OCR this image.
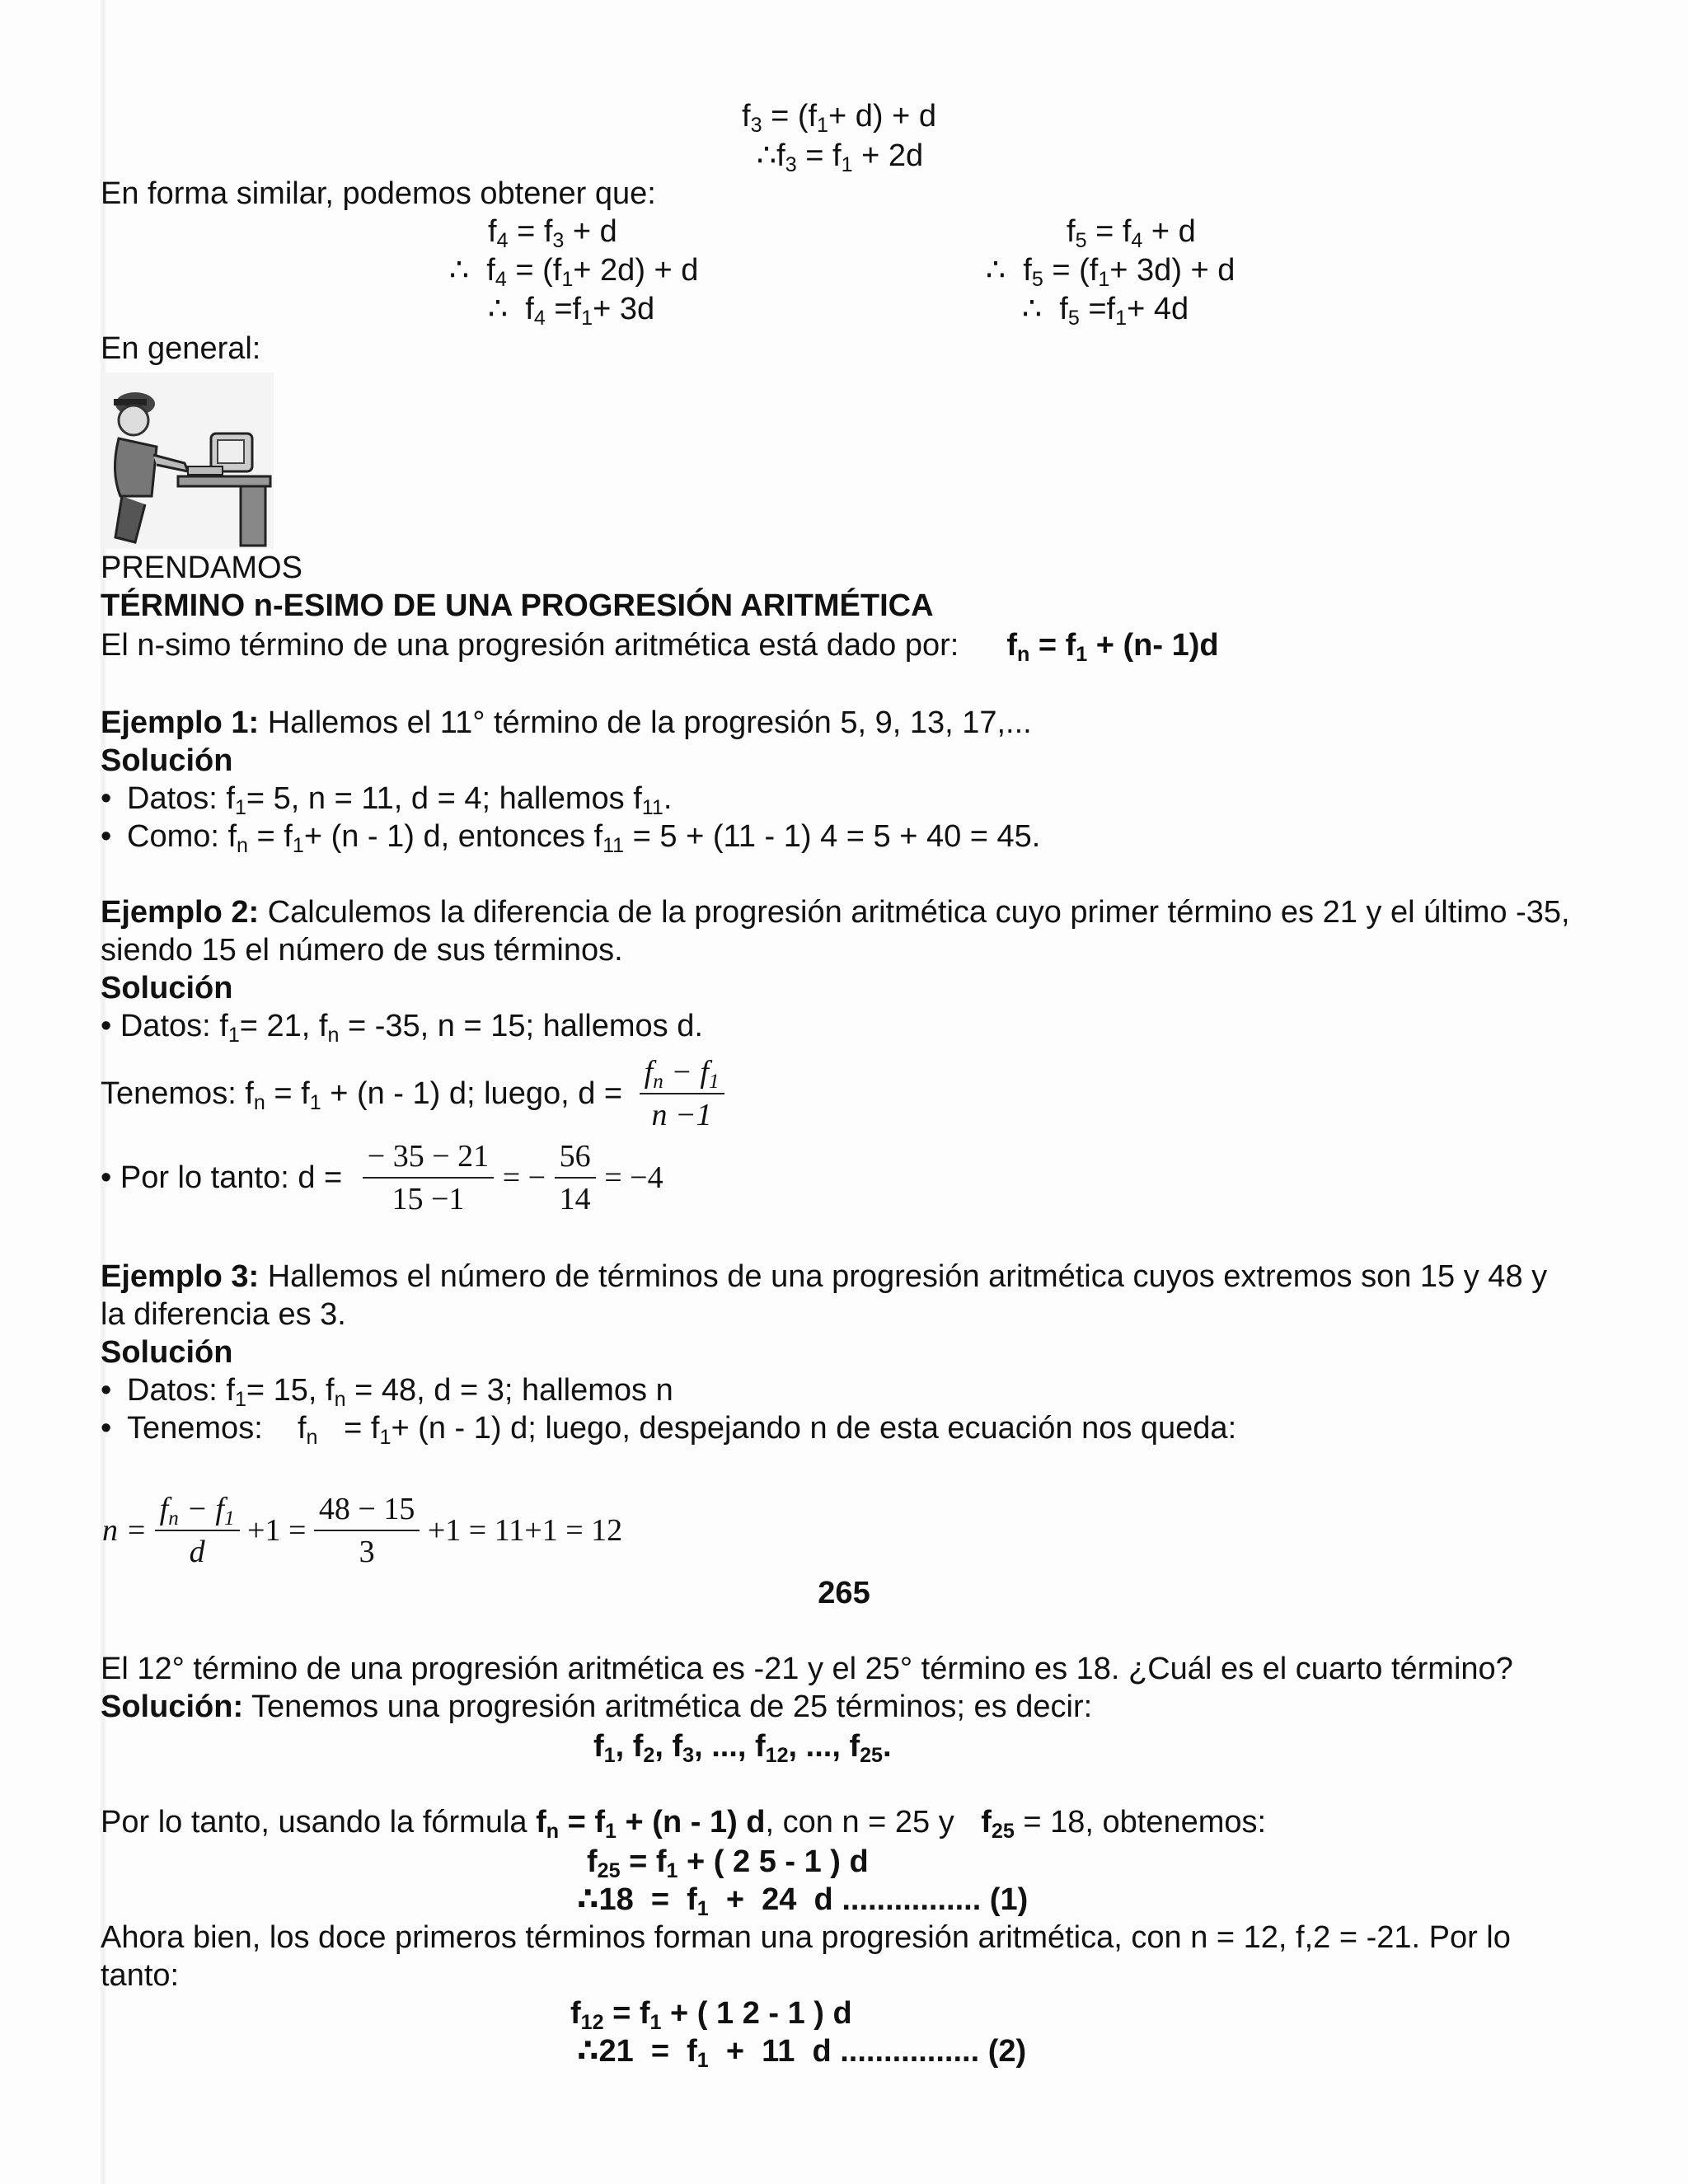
$f_3 = (f_1+ d) + d$
$\therefore f_3 = f_1 + 2d$
En forma similar, podemos obtener que:
$f_4 = f_3 + d$
∴  $f_4 = (f_1+ 2d) + d$
∴  $f_4 =f_1+ 3d$
$f_5 = f_4 + d$
∴  $f_5 = (f_1+ 3d) + d$
∴  $f_5 =f_1+ 4d$
En general:
PRENDAMOS
TÉRMINO n-ESIMO DE UNA PROGRESIÓN ARITMÉTICA
El n-simo término de una progresión aritmética está dado por: $f_n = f_1 + (n-$ 1)d
Ejemplo 1: Hallemos el 11° término de la progresión 5, 9, 13, 17,...
Solución
• Datos: $f_1= 5$, n = 11, d = 4; hallemos $f_{11}$.
• Como: $f_n = f_1+ (n - 1)$ d, entonces $f_{11} = 5 + (11 - 1) 4 = 5 + 40 = 45$.
Ejemplo 2: Calculemos la diferencia de la progresión aritmética cuyo primer término es 21 y el último -35,
siendo 15 el número de sus términos.
Solución
• Datos: $f_1= 21$, $f_n = -35$, n = 15; hallemos d.
Tenemos: $f_n = f_1 + (n - 1)$ d; luego, $d = \frac{f_n - f_1}{n -1}$
• Por lo tanto: $d = \frac{- 35 - 21}{15 -1}$ = − $\frac{56}{14} = -4$
Ejemplo 3: Hallemos el número de términos de una progresión aritmética cuyos extremos son 15 y 48 y
la diferencia es 3.
Solución
• Datos: $f_1= 15$, $f_n = 48$, d = 3; hallemos n
• Tenemos:    $f_n = f_1+ (n - 1)$ d; luego, despejando n de esta ecuación nos queda:
$n = \frac{f_n - f_1}{d} +1 = \frac{48 - 15}{3} +1 = 11+1 = 12$
265
El 12° término de una progresión aritmética es -21 y el 25° término es 18. ¿Cuál es el cuarto término?
Solución: Tenemos una progresión aritmética de 25 términos; es decir:
$f_1$, $f_2$, $f_3$, ..., $f_{12}$, ..., $f_{25}$.
Por lo tanto, usando la fórmula $f_n = f_1 + (n - 1)$ d, con n = 25 y $f_{25} = 18$, obtenemos:
$f_{25} = f_1$ + ( 2 5 - 1 ) d
∴18  =  $f_1 + 24$  d ................ (1)
Ahora bien, los doce primeros términos forman una progresión aritmética, con n = 12, f,2 = -21. Por lo
tanto:
$f_{12} = f_1$ + ( 1 2 - 1 ) d
∴21  =  $f_1 + 11$  d ................ (2)
